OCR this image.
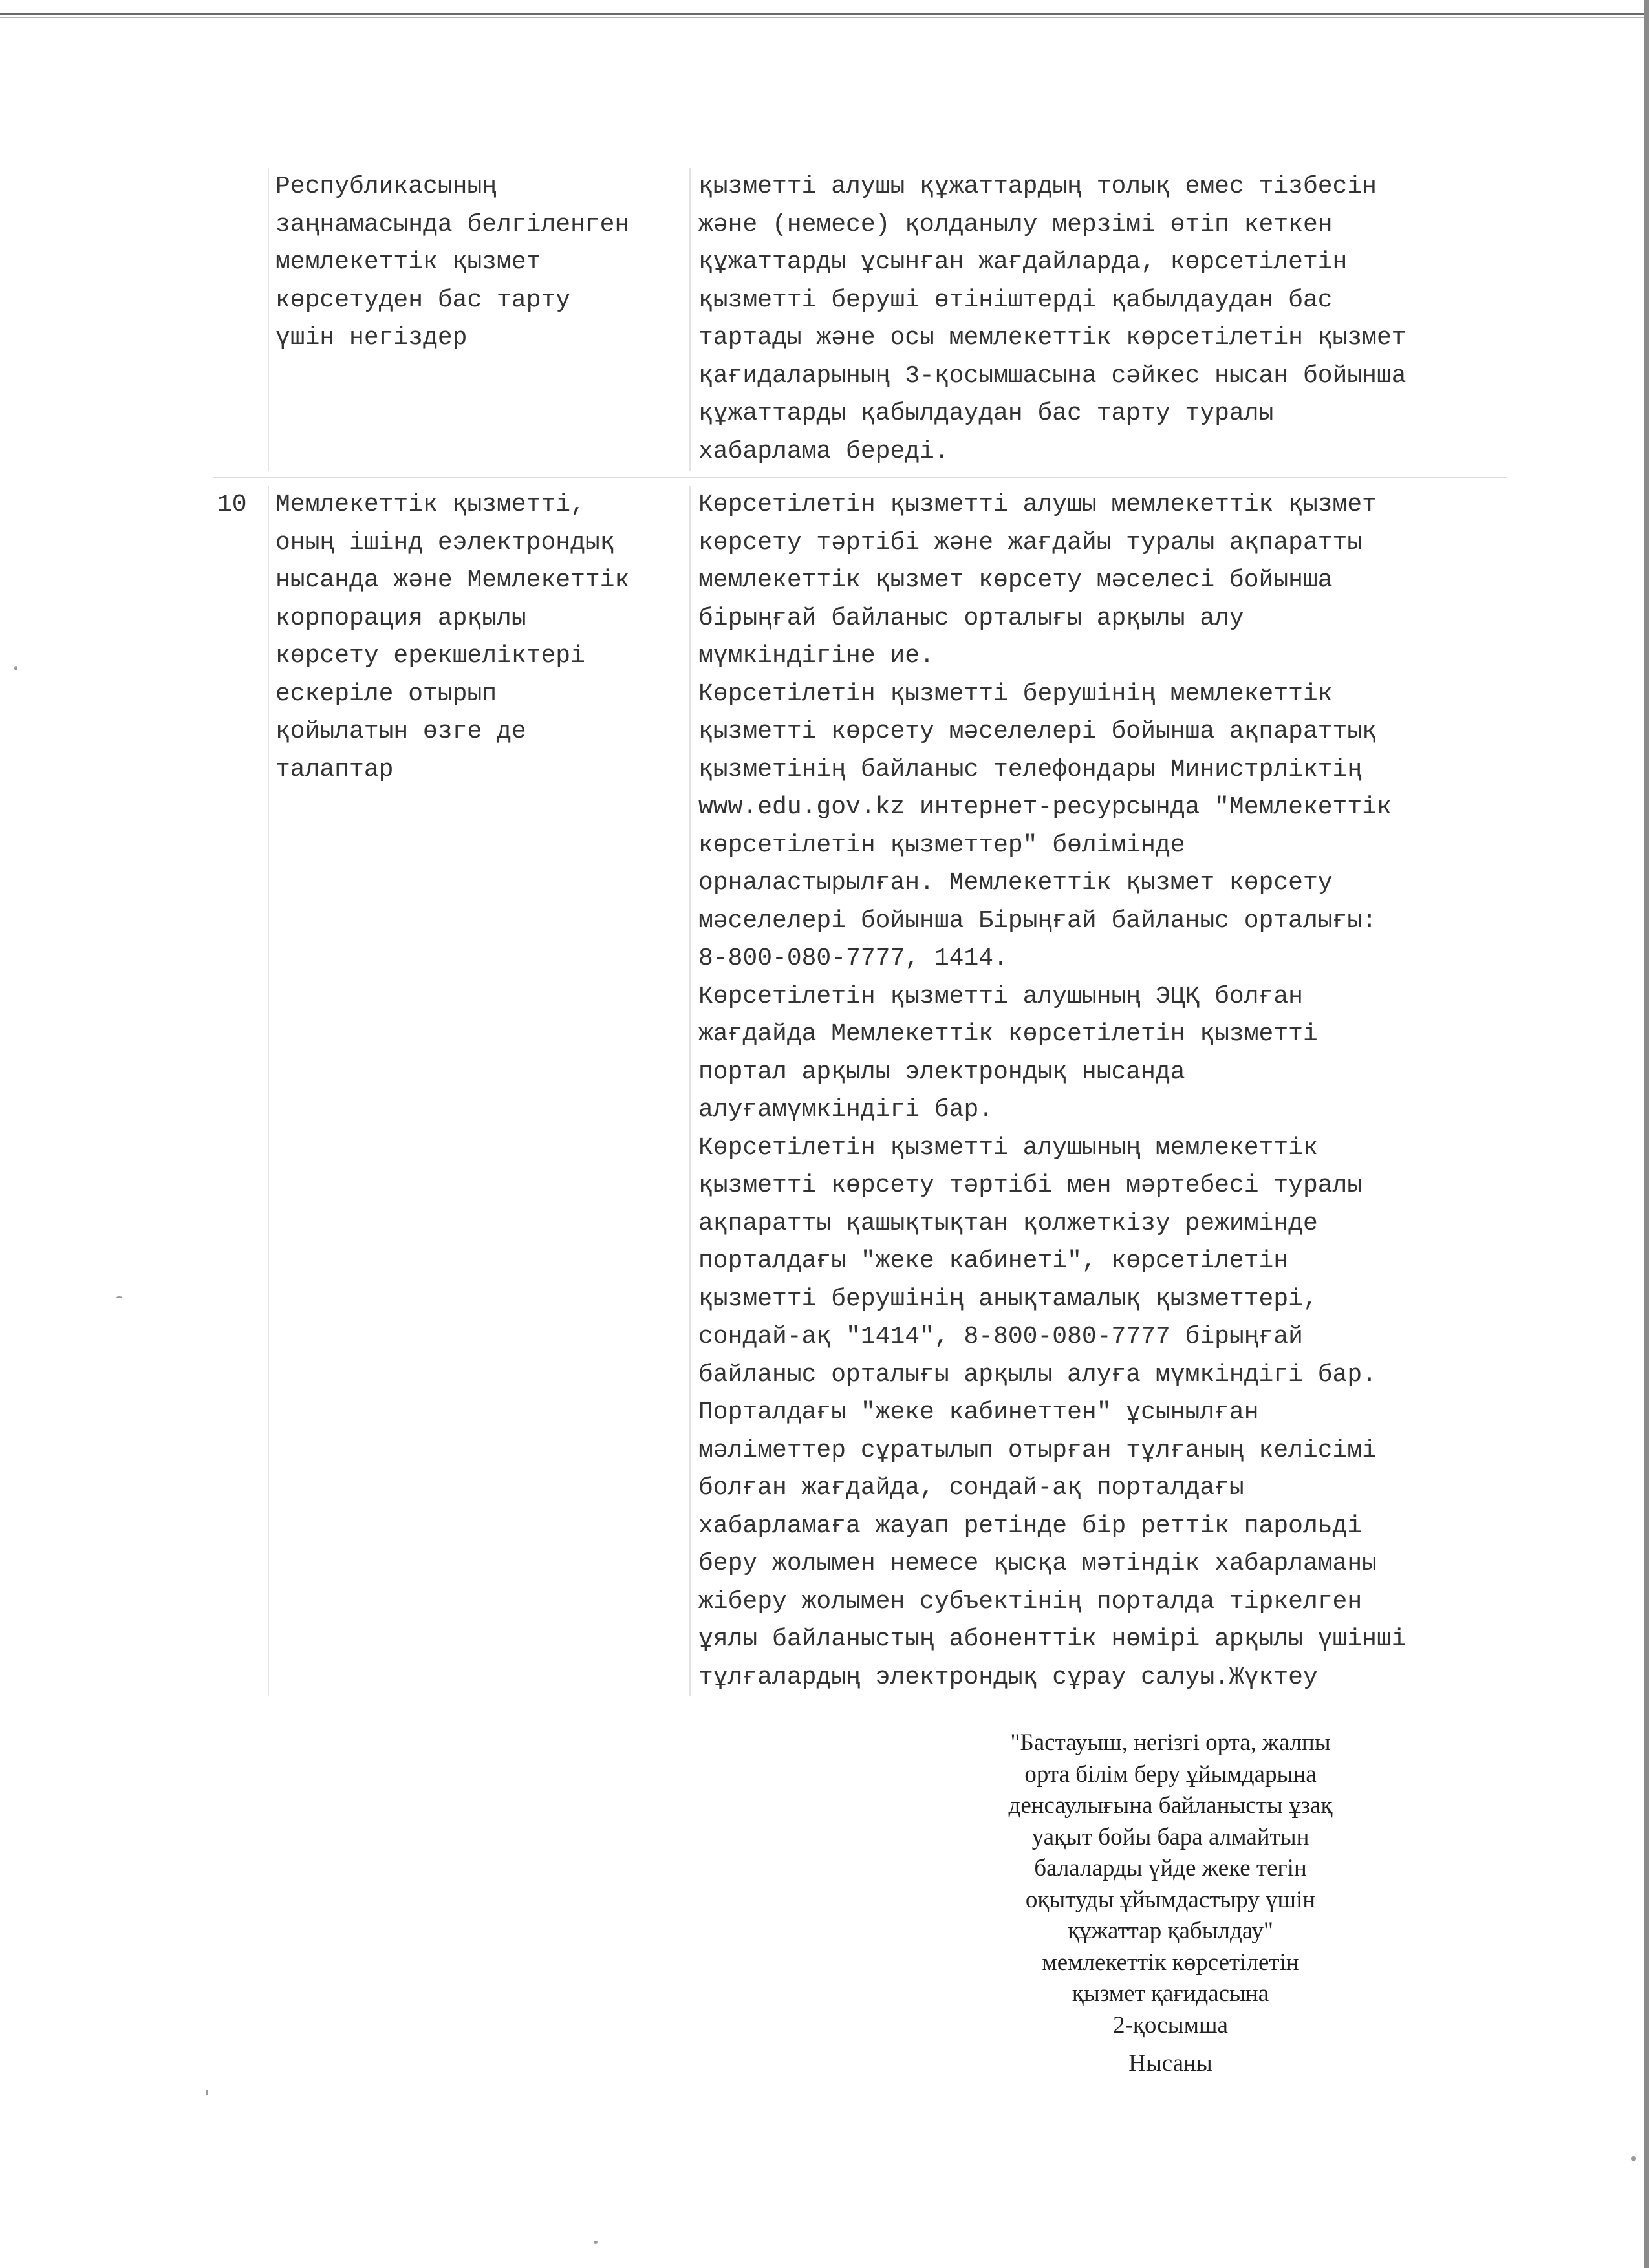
Республикасының
заңнамасында белгіленген
мемлекеттік қызмет
көрсетуден бас тарту
үшін негіздер
қызметті алушы құжаттардың толық емес тізбесін
және (немесе) қолданылу мерзімі өтіп кеткен
құжаттарды ұсынған жағдайларда, көрсетілетін
қызметті беруші өтініштерді қабылдаудан бас
тартады және осы мемлекеттік көрсетілетін қызмет
қағидаларының 3-қосымшасына сәйкес нысан бойынша
құжаттарды қабылдаудан бас тарту туралы
хабарлама береді.
10	Мемлекеттік қызметті,
оның ішінд еэлектрондық
нысанда және Мемлекеттік
корпорация арқылы
көрсету ерекшеліктері
ескеріле отырып
қойылатын өзге де
талаптар
Көрсетілетін қызметті алушы мемлекеттік қызмет
көрсету тәртібі және жағдайы туралы ақпаратты
мемлекеттік қызмет көрсету мәселесі бойынша
бірыңғай байланыс орталығы арқылы алу
мүмкіндігіне ие.
Көрсетілетін қызметті берушінің мемлекеттік
қызметті көрсету мәселелері бойынша ақпараттық
қызметінің байланыс телефондары Министрліктің
www.edu.gov.kz интернет-ресурсында "Мемлекеттік
көрсетілетін қызметтер" бөлімінде
орналастырылған. Мемлекеттік қызмет көрсету
мәселелері бойынша Бірыңғай байланыс орталығы:
8-800-080-7777, 1414.
Көрсетілетін қызметті алушының ЭЦҚ болған
жағдайда Мемлекеттік көрсетілетін қызметті
портал арқылы электрондық нысанда
алуғамүмкіндігі бар.
Көрсетілетін қызметті алушының мемлекеттік
қызметті көрсету тәртібі мен мәртебесі туралы
ақпаратты қашықтықтан қолжеткізу режимінде
порталдағы "жеке кабинеті", көрсетілетін
қызметті берушінің анықтамалық қызметтері,
сондай-ақ "1414", 8-800-080-7777 бірыңғай
байланыс орталығы арқылы алуға мүмкіндігі бар.
Порталдағы "жеке кабинеттен" ұсынылған
мәліметтер сұратылып отырған тұлғаның келісімі
болған жағдайда, сондай-ақ порталдағы
хабарламаға жауап ретінде бір реттік парольді
беру жолымен немесе қысқа мәтіндік хабарламаны
жіберу жолымен субъектінің порталда тіркелген
ұялы байланыстың абоненттік нөмірі арқылы үшінші
тұлғалардың электрондық сұрау салуы.Жүктеу
"Бастауыш, негізгі орта, жалпы
орта білім беру ұйымдарына
денсаулығына байланысты ұзақ
уақыт бойы бара алмайтын
балаларды үйде жеке тегін
оқытуды ұйымдастыру үшін
құжаттар қабылдау"
мемлекеттік көрсетілетін
қызмет қағидасына
2-қосымша
Нысаны
